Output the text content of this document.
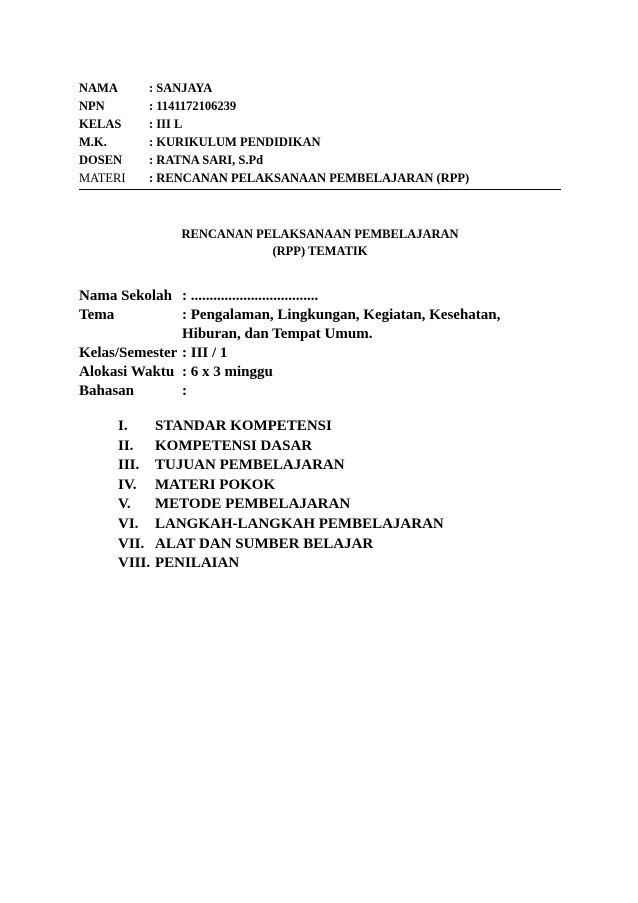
NAMA	: SANJAYA
NPN	: 1141172106239
KELAS	: III L
M.K.	: KURIKULUM PENDIDIKAN
DOSEN	: RATNA SARI, S.Pd
MATERI	: RENCANAN PELAKSANAAN PEMBELAJARAN (RPP)
RENCANAN PELAKSANAAN PEMBELAJARAN
(RPP) TEMATIK
Nama Sekolah : ..................................
Tema	: Pengalaman, Lingkungan, Kegiatan, Kesehatan, Hiburan, dan Tempat Umum.
Kelas/Semester : III / 1
Alokasi Waktu : 6 x 3 minggu
Bahasan	:
I.	STANDAR KOMPETENSI
II.	KOMPETENSI DASAR
III.	TUJUAN PEMBELAJARAN
IV.	MATERI POKOK
V.	METODE PEMBELAJARAN
VI.	LANGKAH-LANGKAH PEMBELAJARAN
VII. ALAT DAN SUMBER BELAJAR
VIII. PENILAIAN
